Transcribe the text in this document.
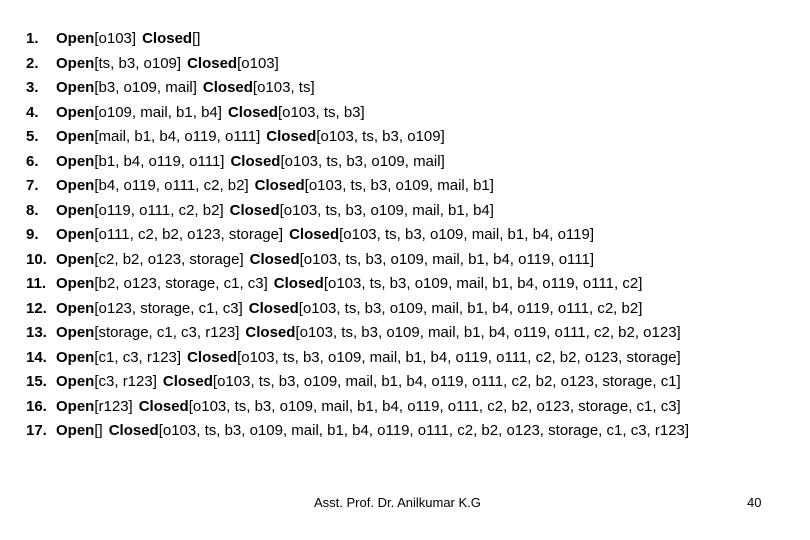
1.	Open [o103] Closed []
2.	Open [ts, b3, o109] Closed [o103]
3.	Open [b3, o109, mail] Closed [o103, ts]
4.	Open [o109, mail, b1, b4] Closed [o103, ts, b3]
5.	Open [mail, b1, b4, o119, o111] Closed [o103, ts, b3, o109]
6.	Open [b1, b4, o119, o111] Closed [o103, ts, b3, o109, mail]
7.	Open [b4, o119, o111, c2, b2] Closed [o103, ts, b3, o109, mail, b1]
8.	Open [o119, o111, c2, b2] Closed [o103, ts, b3, o109, mail, b1, b4]
9.	Open [o111, c2, b2, o123, storage] Closed [o103, ts, b3, o109, mail, b1, b4, o119]
10. Open [c2, b2, o123, storage] Closed [o103, ts, b3, o109, mail, b1, b4, o119, o111]
11. Open [b2, o123, storage, c1, c3] Closed [o103, ts, b3, o109, mail, b1, b4, o119, o111, c2]
12. Open [o123, storage, c1, c3] Closed [o103, ts, b3, o109, mail, b1, b4, o119, o111, c2, b2]
13. Open [storage, c1, c3, r123] Closed [o103, ts, b3, o109, mail, b1, b4, o119, o111, c2, b2, o123]
14. Open [c1, c3, r123] Closed [o103, ts, b3, o109, mail, b1, b4, o119, o111, c2, b2, o123, storage]
15. Open [c3, r123] Closed [o103, ts, b3, o109, mail, b1, b4, o119, o111, c2, b2, o123, storage, c1]
16. Open [r123] Closed [o103, ts, b3, o109, mail, b1, b4, o119, o111, c2, b2, o123, storage, c1, c3]
17. Open [] Closed [o103, ts, b3, o109, mail, b1, b4, o119, o111, c2, b2, o123, storage, c1, c3, r123]
Asst. Prof. Dr. Anilkumar K.G	40
